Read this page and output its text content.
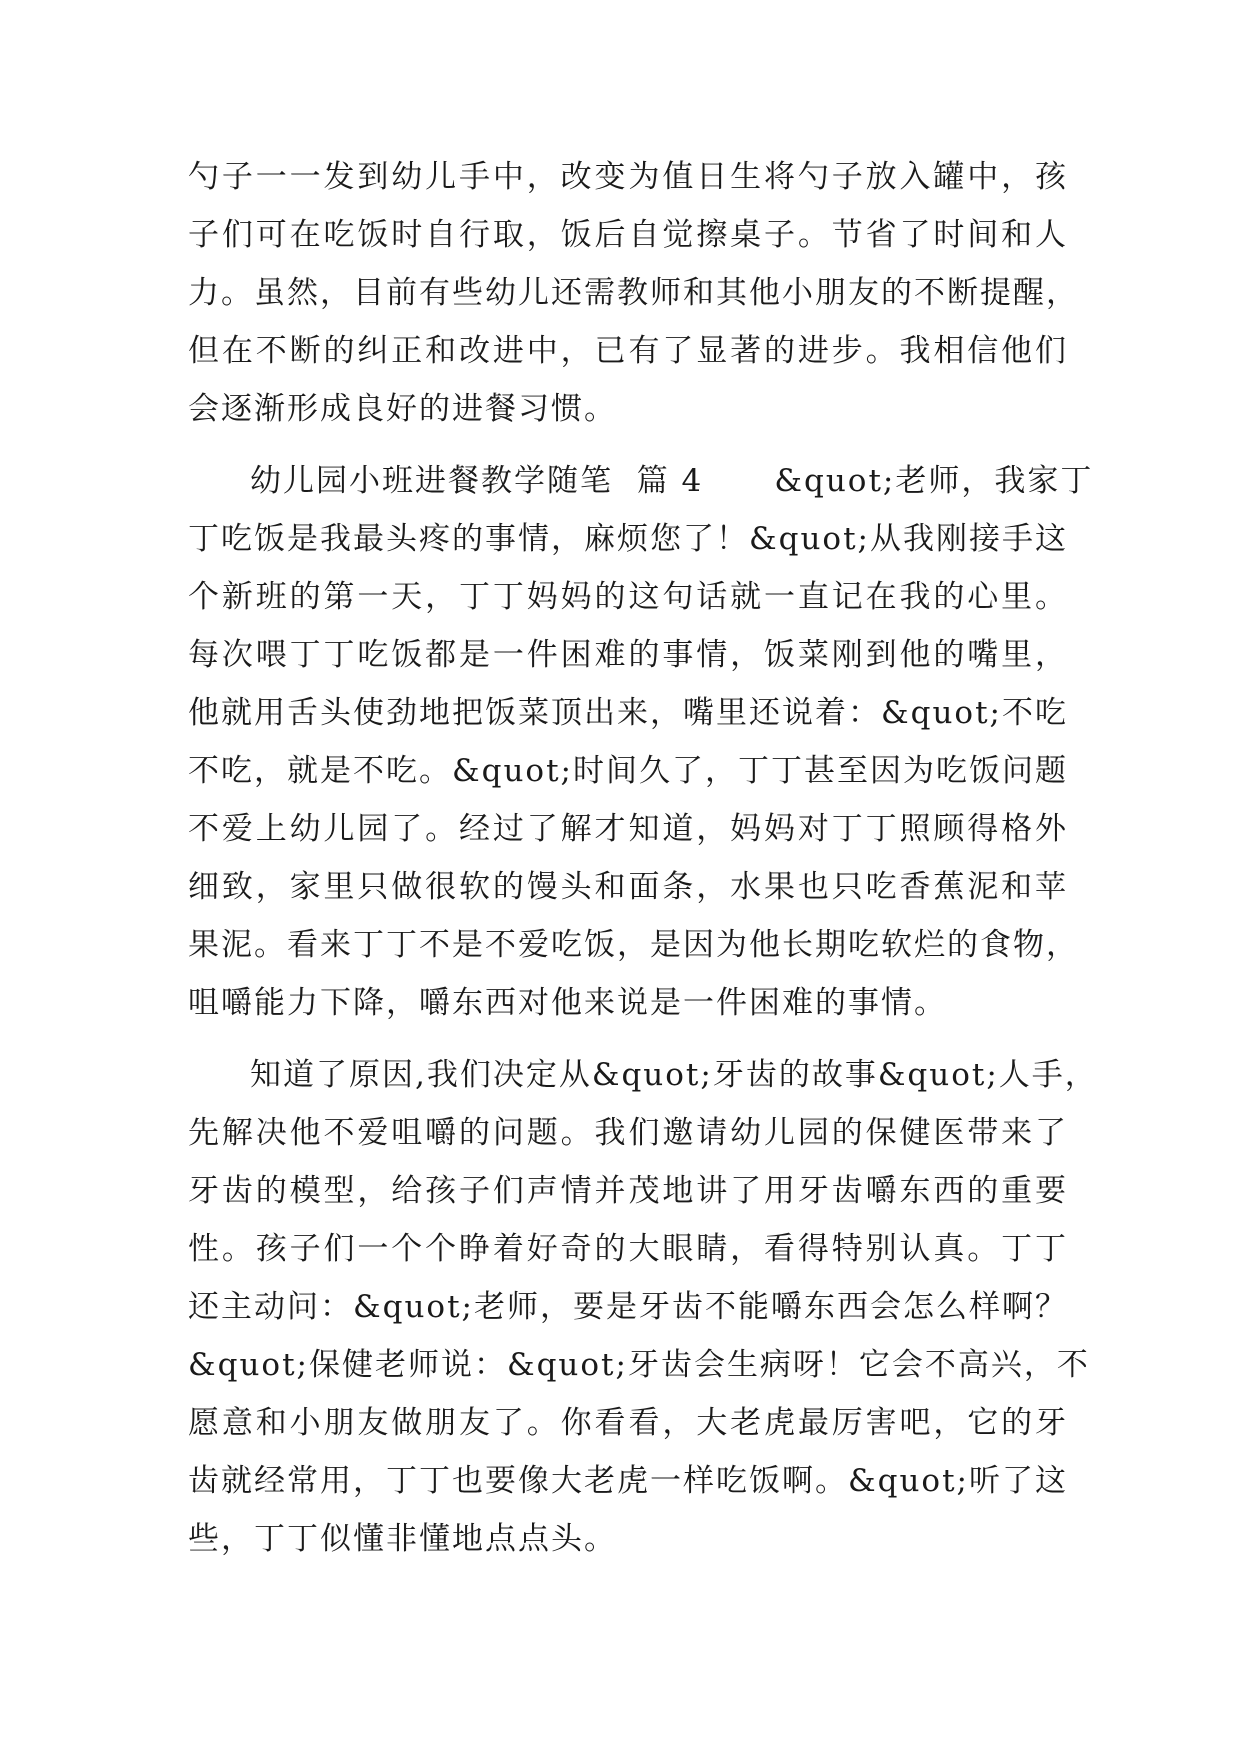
勺子一一发到幼儿手中，改变为值日生将勺子放入罐中，孩
子们可在吃饭时自行取，饭后自觉擦桌子。节省了时间和人
力。虽然，目前有些幼儿还需教师和其他小朋友的不断提醒，
但在不断的纠正和改进中，已有了显著的进步。我相信他们
会逐渐形成良好的进餐习惯。
幼儿园小班进餐教学随笔  篇 4      &quot;老师，我家丁
丁吃饭是我最头疼的事情，麻烦您了！&quot;从我刚接手这
个新班的第一天，丁丁妈妈的这句话就一直记在我的心里。
每次喂丁丁吃饭都是一件困难的事情，饭菜刚到他的嘴里，
他就用舌头使劲地把饭菜顶出来，嘴里还说着：&quot;不吃
不吃，就是不吃。&quot;时间久了，丁丁甚至因为吃饭问题
不爱上幼儿园了。经过了解才知道，妈妈对丁丁照顾得格外
细致，家里只做很软的馒头和面条，水果也只吃香蕉泥和苹
果泥。看来丁丁不是不爱吃饭，是因为他长期吃软烂的食物，
咀嚼能力下降，嚼东西对他来说是一件困难的事情。
知道了原因,我们决定从&quot;牙齿的故事&quot;人手，
先解决他不爱咀嚼的问题。我们邀请幼儿园的保健医带来了
牙齿的模型，给孩子们声情并茂地讲了用牙齿嚼东西的重要
性。孩子们一个个睁着好奇的大眼睛，看得特别认真。丁丁
还主动问：&quot;老师，要是牙齿不能嚼东西会怎么样啊？
&quot;保健老师说：&quot;牙齿会生病呀！它会不高兴，不
愿意和小朋友做朋友了。你看看，大老虎最厉害吧，它的牙
齿就经常用，丁丁也要像大老虎一样吃饭啊。&quot;听了这
些，丁丁似懂非懂地点点头。
